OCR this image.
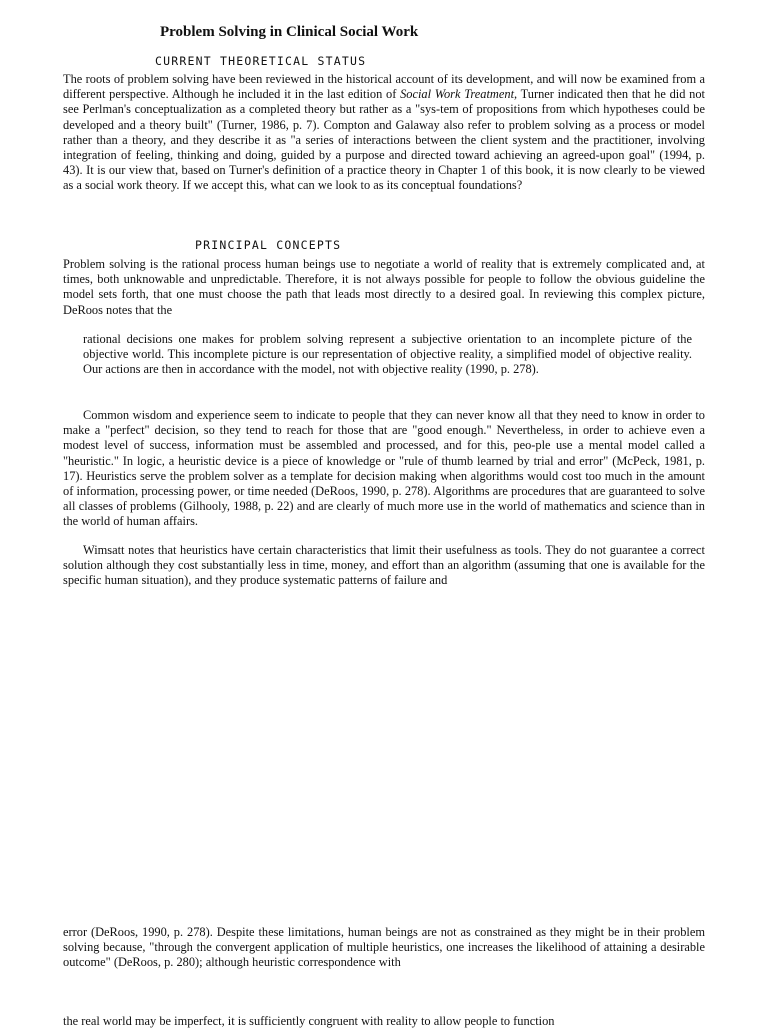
Problem Solving in Clinical Social Work
CURRENT THEORETICAL STATUS

The roots of problem solving have been reviewed in the historical account of its development, and will now be examined from a different perspective. Although he included it in the last edition of Social Work Treatment, Turner indicated then that he did not see Perlman's conceptualization as a completed theory but rather as a "sys-tem of propositions from which hypotheses could be developed and a theory built" (Turner, 1986, p. 7). Compton and Galaway also refer to problem solving as a process or model rather than a theory, and they describe it as "a series of interactions between the client system and the practitioner, involving integration of feeling, thinking and doing, guided by a purpose and directed toward achieving an agreed-upon goal" (1994, p. 43). It is our view that, based on Turner's definition of a practice theory in Chapter 1 of this book, it is now clearly to be viewed as a social work theory. If we accept this, what can we look to as its conceptual foundations?

PRINCIPAL CONCEPTS

Problem solving is the rational process human beings use to negotiate a world of reality that is extremely complicated and, at times, both unknowable and unpredictable. Therefore, it is not always possible for people to follow the obvious guideline the model sets forth, that one must choose the path that leads most directly to a desired goal. In reviewing this complex picture, DeRoos notes that the

rational decisions one makes for problem solving represent a subjective orientation to an incomplete picture of the objective world. This incomplete picture is our representation of objective reality, a simplified model of objective reality. Our actions are then in accordance with the model, not with objective reality (1990, p. 278).

Common wisdom and experience seem to indicate to people that they can never know all that they need to know in order to make a "perfect" decision, so they tend to reach for those that are "good enough." Nevertheless, in order to achieve even a modest level of success, information must be assembled and processed, and for this, peo-ple use a mental model called a "heuristic." In logic, a heuristic device is a piece of knowledge or "rule of thumb learned by trial and error" (McPeck, 1981, p. 17). Heuristics serve the problem solver as a template for decision making when algorithms would cost too much in the amount of information, processing power, or time needed (DeRoos, 1990, p. 278). Algorithms are procedures that are guaranteed to solve all classes of problems (Gilhooly, 1988, p. 22) and are clearly of much more use in the world of mathematics and science than in the world of human affairs.

Wimsatt notes that heuristics have certain characteristics that limit their usefulness as tools. They do not guarantee a correct solution although they cost substantially less in time, money, and effort than an algorithm (assuming that one is available for the specific human situation), and they produce systematic patterns of failure and

error (DeRoos, 1990, p. 278). Despite these limitations, human beings are not as constrained as they might be in their problem solving because, "through the convergent application of multiple heuristics, one increases the likelihood of attaining a desirable outcome" (DeRoos, p. 280); although heuristic correspondence with

the real world may be imperfect, it is sufficiently congruent with reality to allow people to function
